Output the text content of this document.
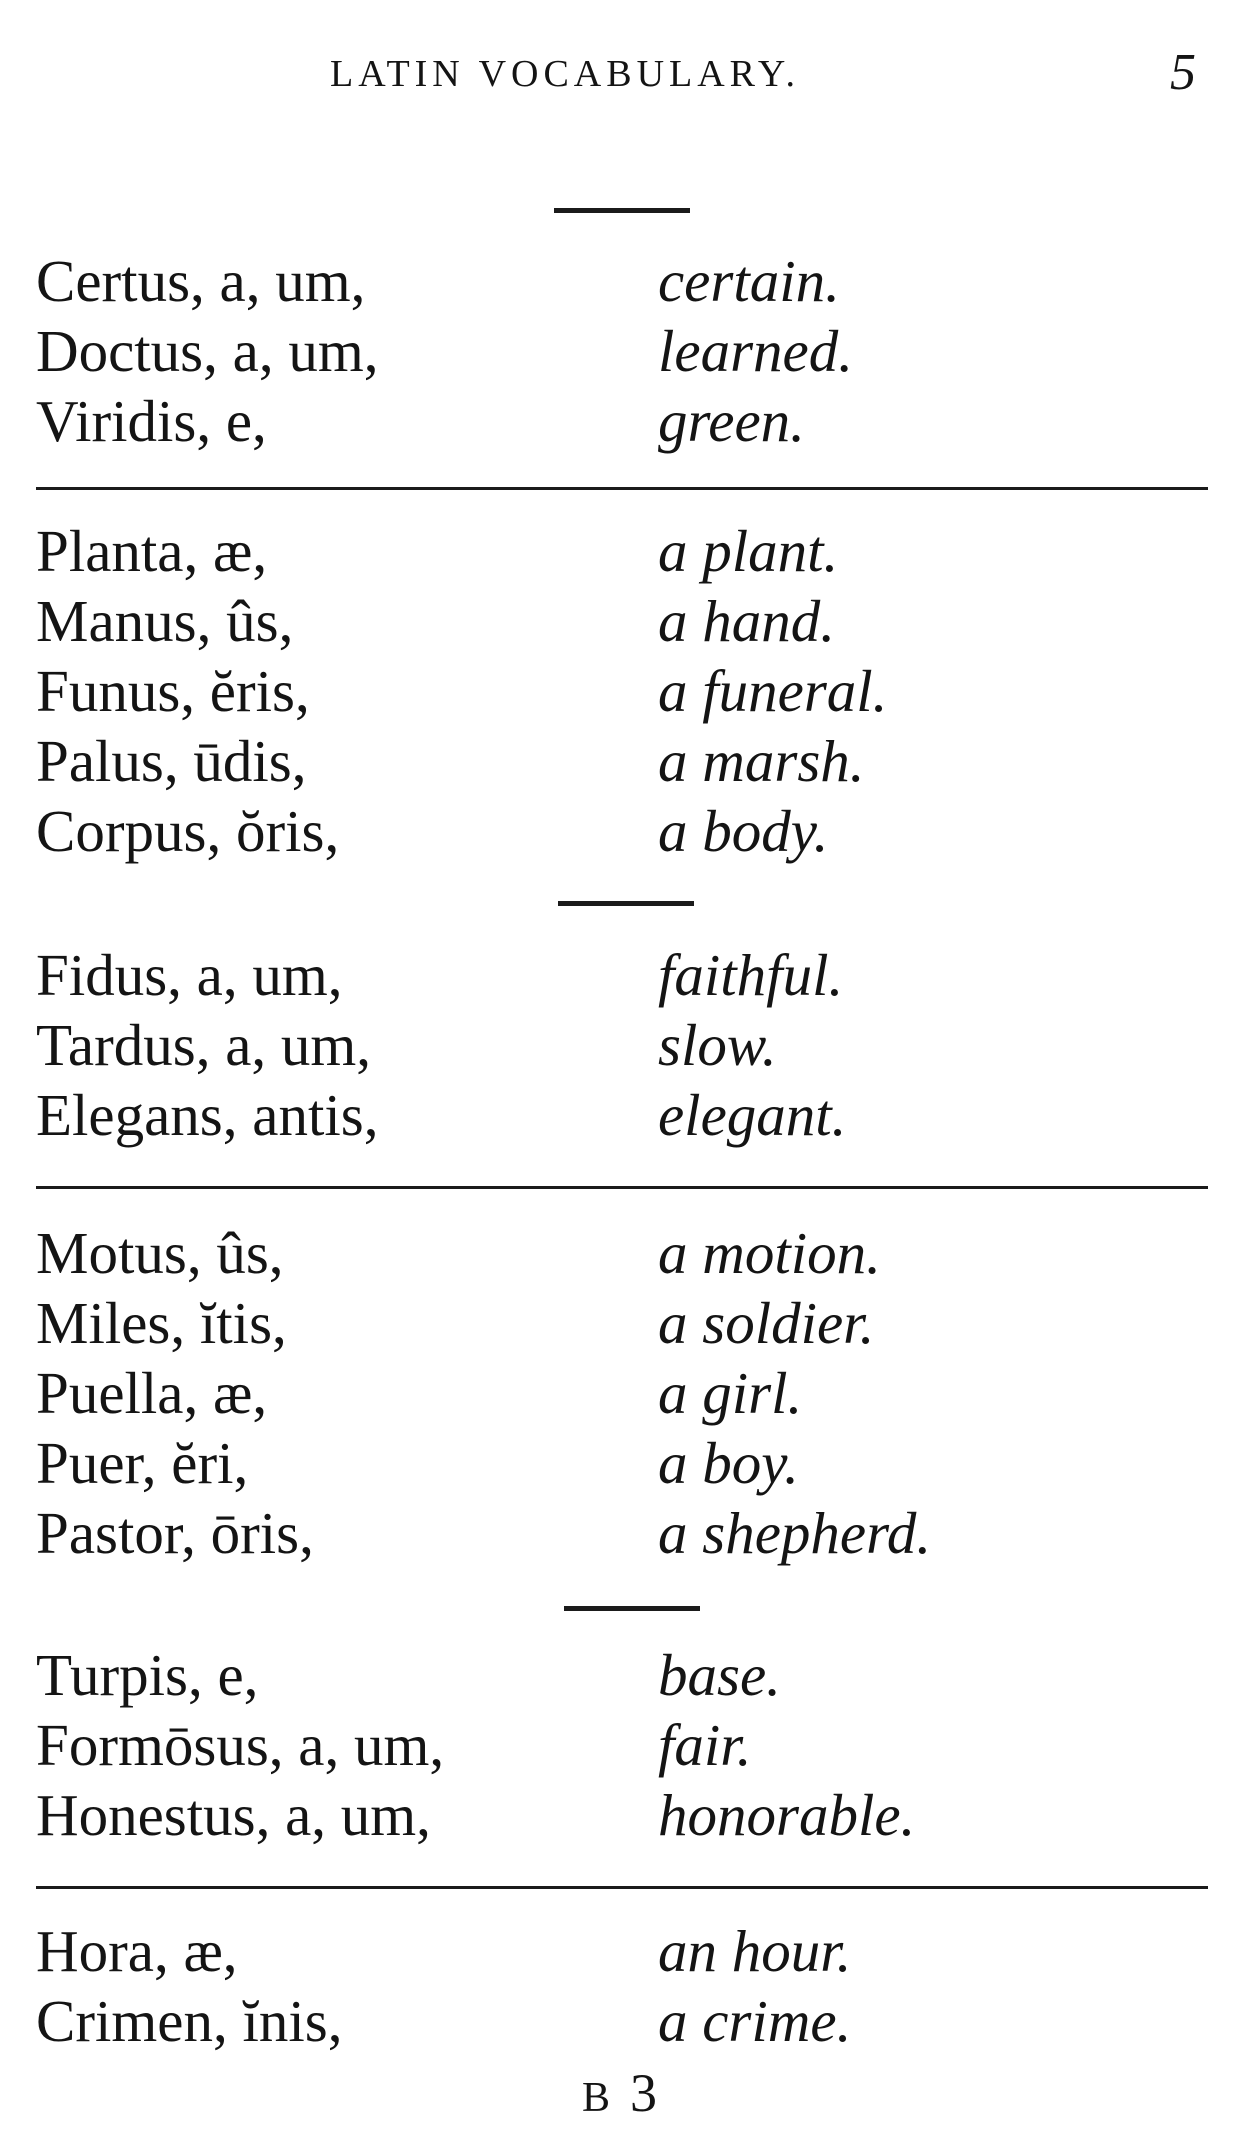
LATIN VOCABULARY.	5
Certus, a, um,	certain.
Doctus, a, um,	learned.
Viridis, e,	green.
Planta, æ,	a plant.
Manus, ûs,	a hand.
Funus, ĕris,	a funeral.
Palus, ūdis,	a marsh.
Corpus, ŏris,	a body.
Fidus, a, um,	faithful.
Tardus, a, um,	slow.
Elegans, antis,	elegant.
Motus, ûs,	a motion.
Miles, ĭtis,	a soldier.
Puella, æ,	a girl.
Puer, ĕri,	a boy.
Pastor, ōris,	a shepherd.
Turpis, e,	base.
Formōsus, a, um,	fair.
Honestus, a, um,	honorable.
Hora, æ,	an hour.
Crimen, ĭnis,	a crime.
B 3
